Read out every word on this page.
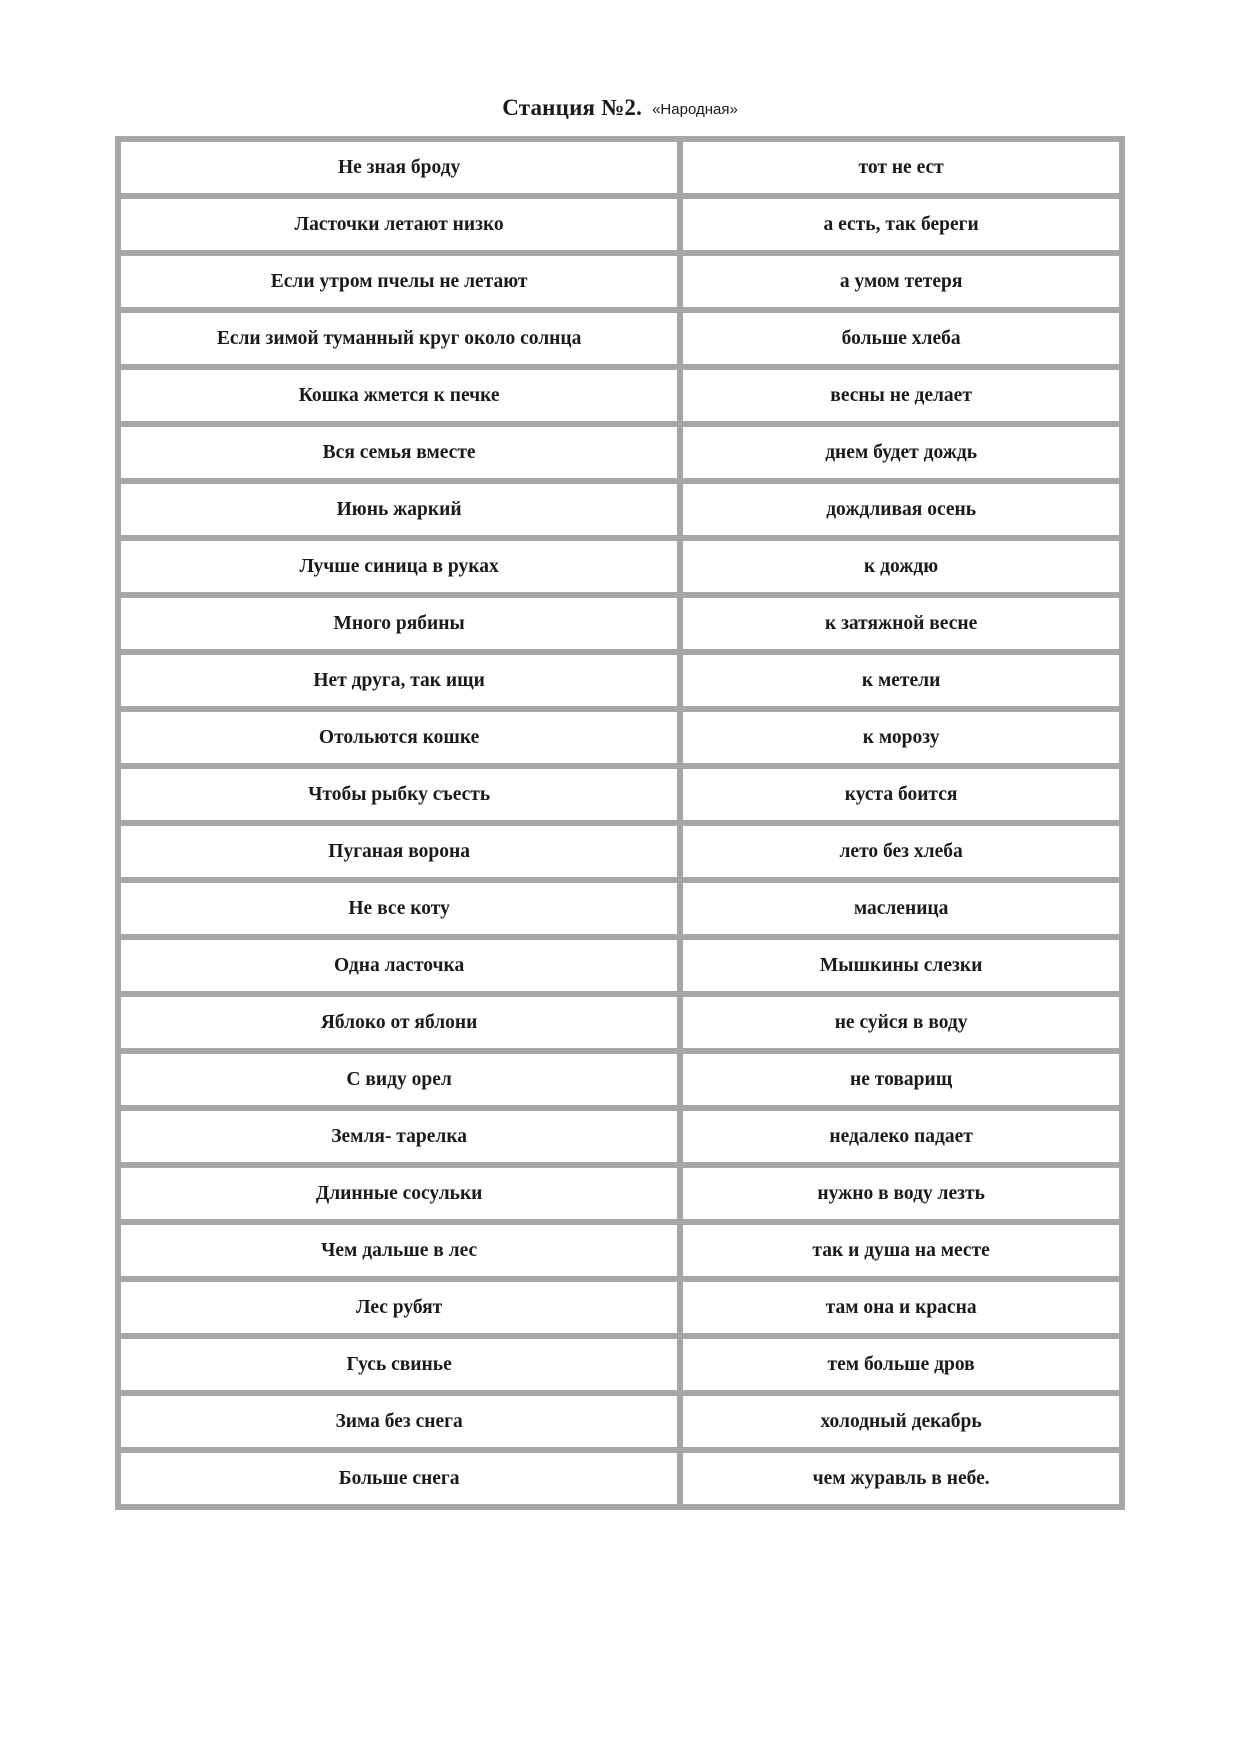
Станция №2. «Народная»
Не зная броду	тот не ест
Ласточки летают низко	а есть, так береги
Если утром пчелы не летают	а умом тетеря
Если зимой туманный круг около солнца	больше хлеба
Кошка жмется к печке	весны не делает
Вся семья вместе	днем будет дождь
Июнь жаркий	дождливая осень
Лучше синица в руках	к дождю
Много рябины	к затяжной весне
Нет друга, так ищи	к метели
Отольются кошке	к морозу
Чтобы рыбку съесть	куста боится
Пуганая ворона	лето без хлеба
Не все коту	масленица
Одна ласточка	Мышкины слезки
Яблоко от яблони	не суйся в воду
С виду орел	не товарищ
Земля- тарелка	недалеко падает
Длинные сосульки	нужно в воду лезть
Чем дальше в лес	так и душа на месте
Лес рубят	там она и красна
Гусь свинье	тем больше дров
Зима без снега	холодный декабрь
Больше снега	чем журавль в небе.
